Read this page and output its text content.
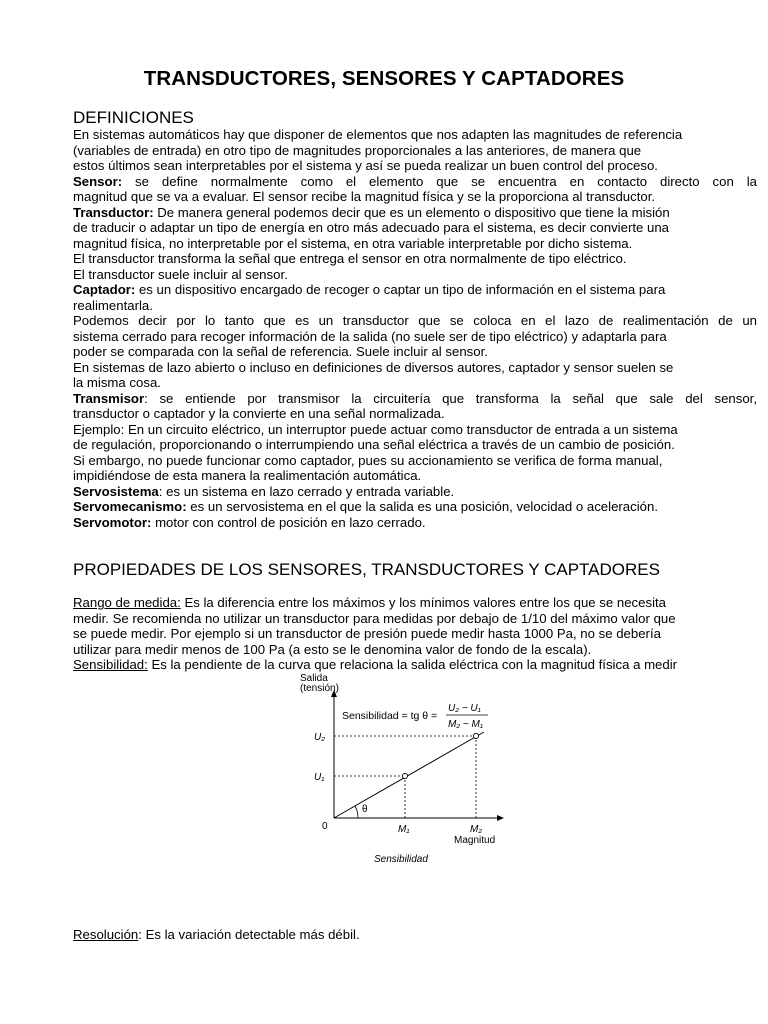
TRANSDUCTORES, SENSORES Y CAPTADORES
DEFINICIONES
En sistemas automáticos hay que disponer de elementos que nos adapten las magnitudes de referencia
(variables de entrada) en otro tipo de magnitudes proporcionales a las anteriores, de manera que
estos últimos sean interpretables por el sistema y así se pueda realizar un buen control del proceso.
Sensor: se define normalmente como el elemento que se encuentra en contacto directo con la
magnitud que se va a evaluar. El sensor recibe la magnitud física y se la proporciona al transductor.
Transductor: De manera general podemos decir que es un elemento o dispositivo que tiene la misión
de traducir o adaptar un tipo de energía en otro más adecuado para el sistema, es decir convierte una
magnitud física, no interpretable por el sistema, en otra variable interpretable por dicho sistema.
El transductor transforma la señal que entrega el sensor en otra normalmente de tipo eléctrico.
El transductor suele incluir al sensor.
Captador: es un dispositivo encargado de recoger o captar un tipo de información en el sistema para
realimentarla.
Podemos decir por lo tanto que es un transductor que se coloca en el lazo de realimentación de un
sistema cerrado para recoger información de la salida (no suele ser de tipo eléctrico) y adaptarla para
poder se comparada con la señal de referencia. Suele incluir al sensor.
En sistemas de lazo abierto o incluso en definiciones de diversos autores, captador y sensor suelen se
la misma cosa.
Transmisor: se entiende por transmisor la circuitería que transforma la señal que sale del sensor,
transductor o captador y la convierte en una señal normalizada.
Ejemplo: En un circuito eléctrico, un interruptor puede actuar como transductor de entrada a un sistema
de regulación, proporcionando o interrumpiendo una señal eléctrica a través de un cambio de posición.
Si embargo, no puede funcionar como captador, pues su accionamiento se verifica de forma manual,
impidiéndose de esta manera la realimentación automática.
Servosistema: es un sistema en lazo cerrado y entrada variable.
Servomecanismo: es un servosistema en el que la salida es una posición, velocidad o aceleración.
Servomotor: motor con control de posición en lazo cerrado.
PROPIEDADES DE LOS SENSORES, TRANSDUCTORES Y CAPTADORES
Rango de medida: Es la diferencia entre los máximos y los mínimos valores entre los que se necesita
medir. Se recomienda no utilizar un transductor para medidas por debajo de 1/10 del máximo valor que
se puede medir. Por ejemplo si un transductor de presión puede medir hasta 1000 Pa, no se debería
utilizar para medir menos de 100 Pa (a esto se le denomina valor de fondo de la escala).
Sensibilidad: Es la pendiente de la curva que relaciona la salida eléctrica con la magnitud física a medir
θ
Salida
(tensión)
Sensibilidad = tg θ =
U₂ − U₁
M₂ − M₁
U₂
U₁
0	M₁	M₂
Magnitud
Sensibilidad
Resolución: Es la variación detectable más débil.
